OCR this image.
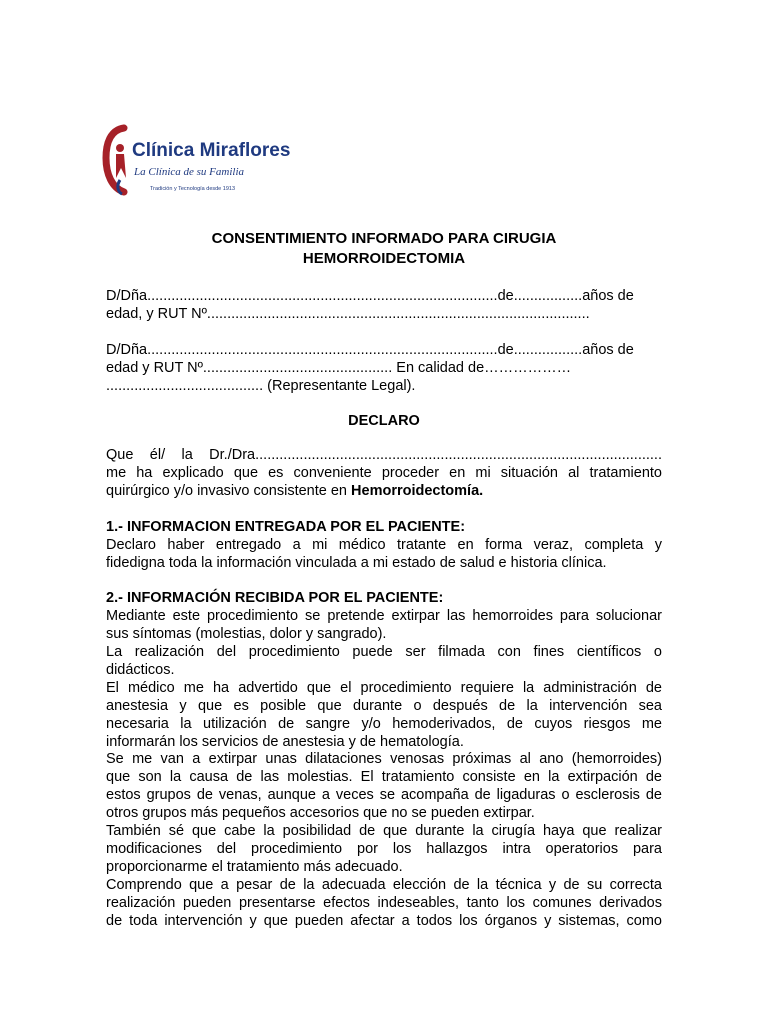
Clínica Miraflores
La Clínica de su Familia
Tradición y Tecnología desde 1913
CONSENTIMIENTO INFORMADO PARA CIRUGIA
HEMORROIDECTOMIA
D/Dña.......................................................................................de.................años de
edad, y RUT Nº...............................................................................................
D/Dña.......................................................................................de.................años de
edad y RUT Nº............................................... En calidad de………………
....................................... (Representante Legal).
DECLARO
Que él/ la Dr./Dra.....................................................................................................
me ha explicado que es conveniente proceder en mi situación al tratamiento
quirúrgico y/o invasivo consistente en Hemorroidectomía.
1.- INFORMACION ENTREGADA POR EL PACIENTE:
Declaro haber entregado a mi médico tratante en forma veraz, completa y
fidedigna toda la información vinculada a mi estado de salud e historia clínica.
2.- INFORMACIÓN RECIBIDA POR EL PACIENTE:
Mediante este procedimiento se pretende extirpar las hemorroides para solucionar
sus síntomas (molestias, dolor y sangrado).
La realización del procedimiento puede ser filmada con fines científicos o
didácticos.
El médico me ha advertido que el procedimiento requiere la administración de
anestesia y que es posible que durante o después de la intervención sea
necesaria la utilización de sangre y/o hemoderivados, de cuyos riesgos me
informarán los servicios de anestesia y de hematología.
Se me van a extirpar unas dilataciones venosas próximas al ano (hemorroides)
que son la causa de las molestias. El tratamiento consiste en la extirpación de
estos grupos de venas, aunque a veces se acompaña de ligaduras o esclerosis de
otros grupos más pequeños accesorios que no se pueden extirpar.
También sé que cabe la posibilidad de que durante la cirugía haya que realizar
modificaciones del procedimiento por los hallazgos intra operatorios para
proporcionarme el tratamiento más adecuado.
Comprendo que a pesar de la adecuada elección de la técnica y de su correcta
realización pueden presentarse efectos indeseables, tanto los comunes derivados
de toda intervención y que pueden afectar a todos los órganos y sistemas, como
